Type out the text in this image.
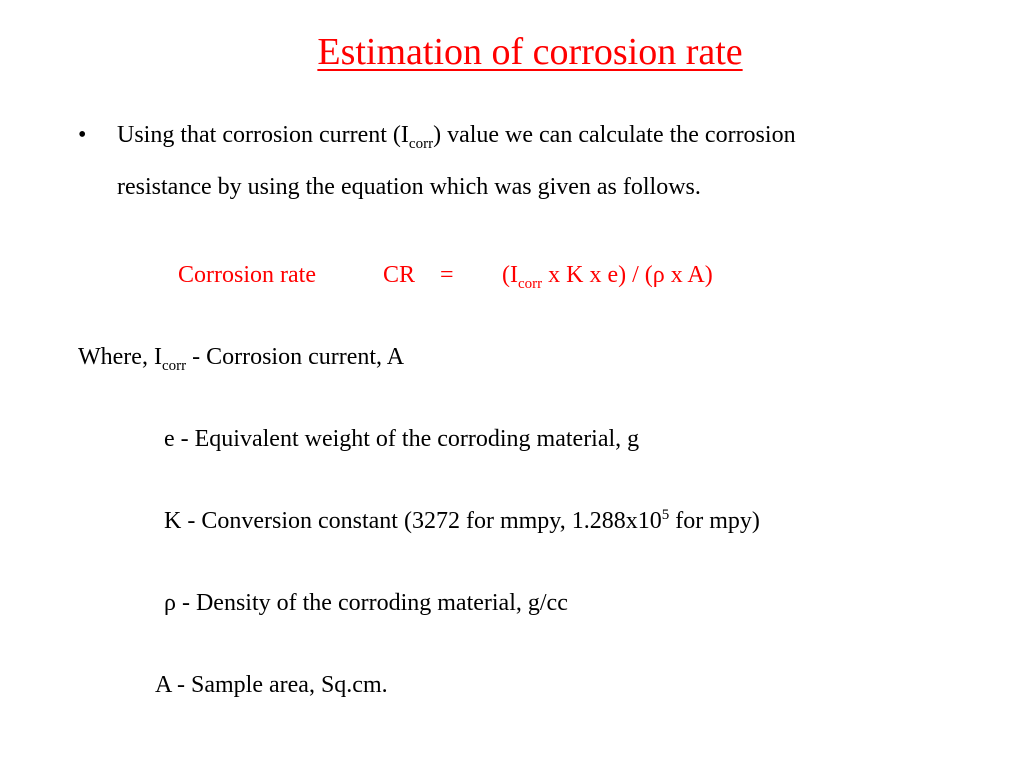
Estimation of corrosion rate
• Using that corrosion current $(I_{corr})$ value we can calculate the corrosion
resistance by using the equation which was given as follows.
Corrosion rate	CR = ($I_{corr}$ x K x e) / (ρ x A)
Where, $I_{corr}$ - Corrosion current, A
e - Equivalent weight of the corroding material, g
K - Conversion constant (3272 for mmpy, $1.288x10^5$ for mpy)
ρ - Density of the corroding material, g/cc
A - Sample area, Sq.cm.
